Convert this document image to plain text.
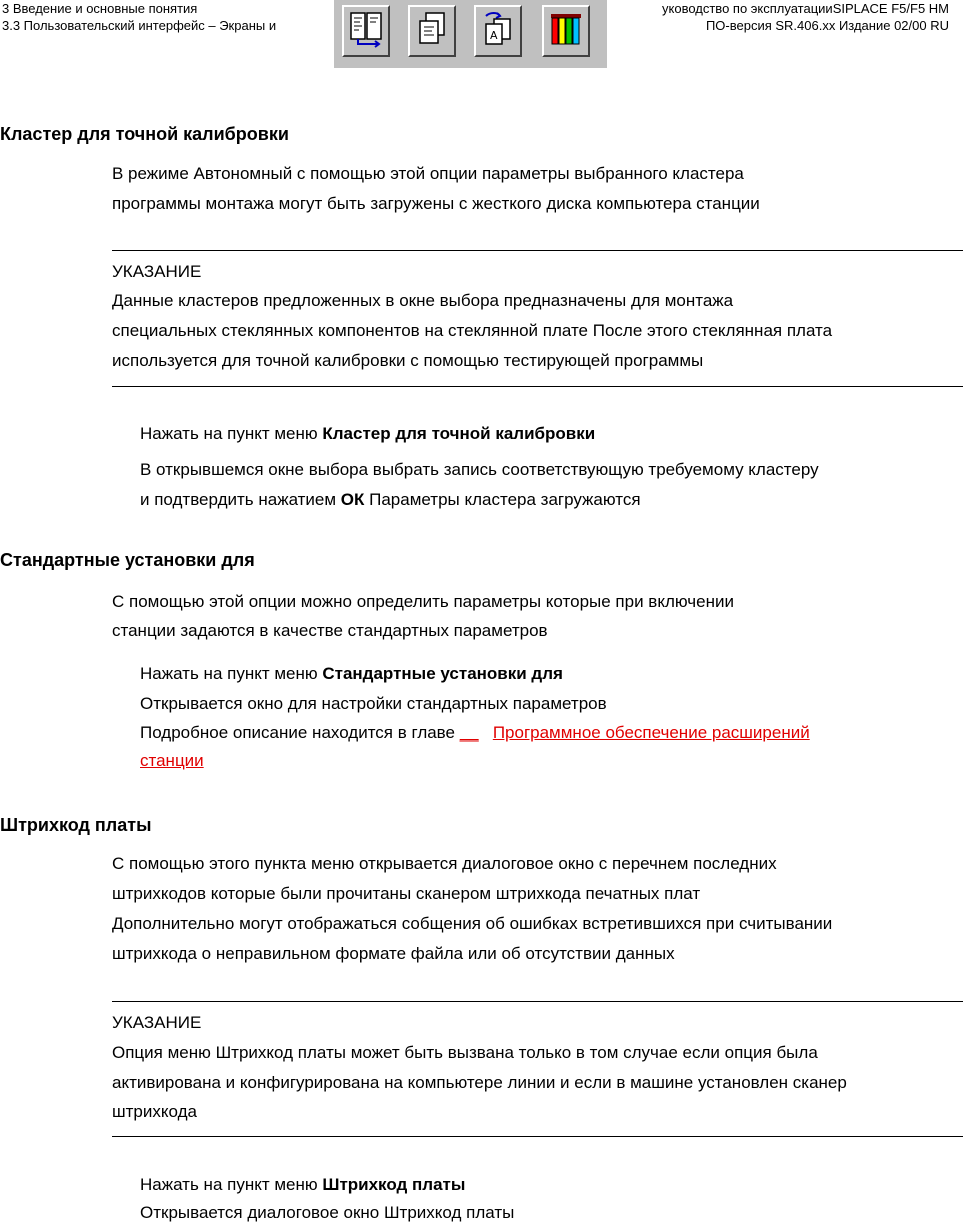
3 Введение и основные понятия
3.3 Пользовательский интерфейс – Экраны и
уководство по эксплуатацииSIPLACE F5/F5 HM
ПО-версия SR.406.xx Издание 02/00 RU
A
Кластер для точной калибровки
В режиме Автономный с помощью этой опции параметры выбранного кластера
программы монтажа могут быть загружены с жесткого диска компьютера станции
УКАЗАНИЕ
Данные кластеров предложенных в окне выбора предназначены для монтажа
специальных стеклянных компонентов на стеклянной плате После этого стеклянная плата
используется для точной калибровки с помощью тестирующей программы
Нажать на пункт меню Кластер для точной калибровки
В открывшемся окне выбора выбрать запись соответствующую требуемому кластеру
и подтвердить нажатием ОК Параметры кластера загружаются
Стандартные установки для
С помощью этой опции можно определить параметры которые при включении
станции задаются в качестве стандартных параметров
Нажать на пункт меню Стандартные установки для
Открывается окно для настройки стандартных параметров
Подробное описание находится в главе __ Программное обеспечение расширений
станции
Штрихкод платы
С помощью этого пункта меню открывается диалоговое окно с перечнем последних
штрихкодов которые были прочитаны сканером штрихкода печатных плат
Дополнительно могут отображаться собщения об ошибках встретившихся при считывании
штрихкода о неправильном формате файла или об отсутствии данных
УКАЗАНИЕ
Опция меню Штрихкод платы может быть вызвана только в том случае если опция была
активирована и конфигурирована на компьютере линии и если в машине установлен сканер
штрихкода
Нажать на пункт меню Штрихкод платы
Открывается диалоговое окно Штрихкод платы
